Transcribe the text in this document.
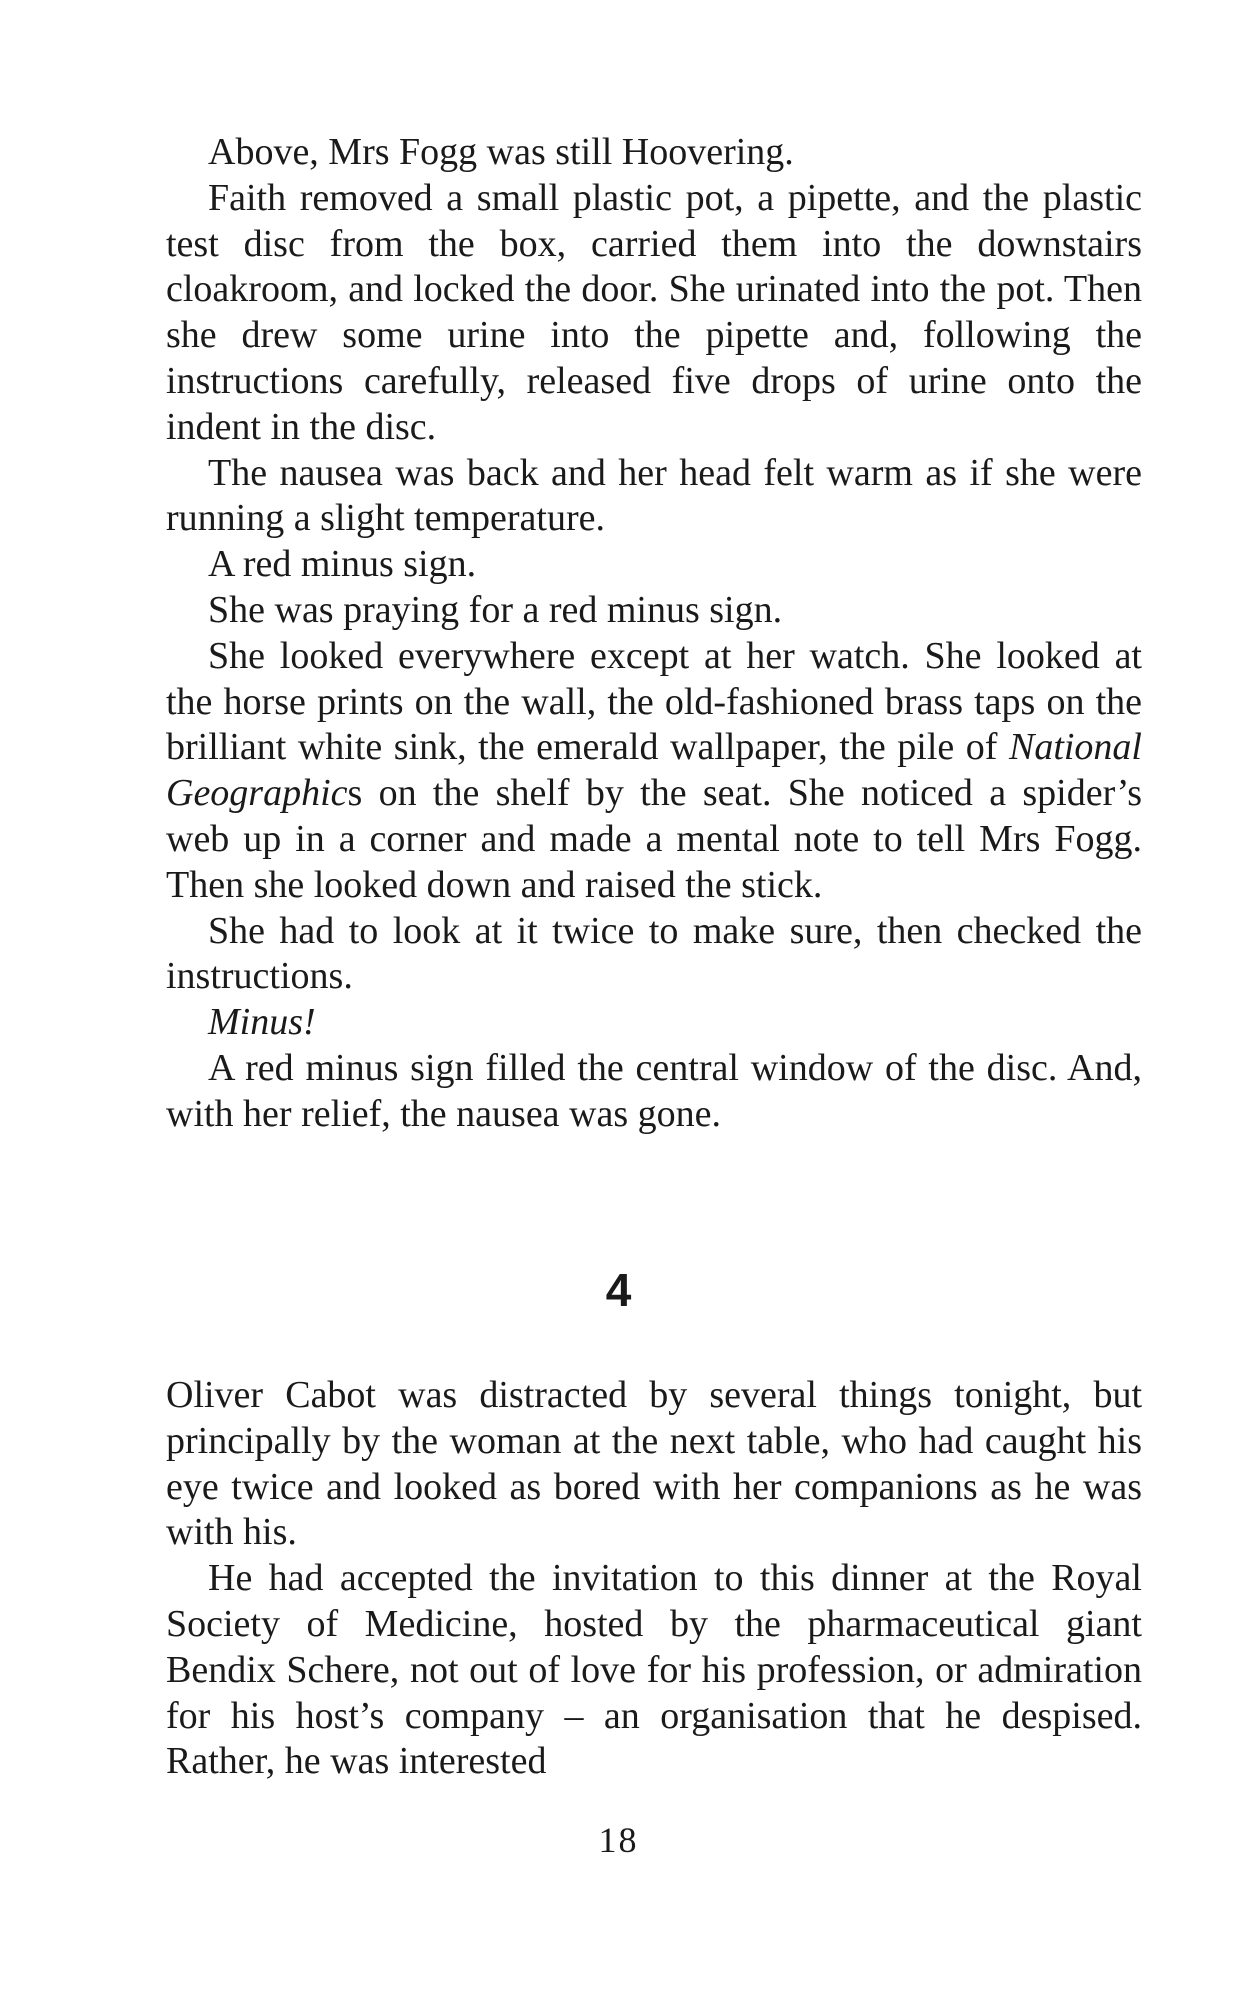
Above, Mrs Fogg was still Hoovering.

Faith removed a small plastic pot, a pipette, and the plastic test disc from the box, carried them into the downstairs cloakroom, and locked the door. She urinated into the pot. Then she drew some urine into the pipette and, following the instructions carefully, released five drops of urine onto the indent in the disc.

The nausea was back and her head felt warm as if she were running a slight temperature.

A red minus sign.

She was praying for a red minus sign.

She looked everywhere except at her watch. She looked at the horse prints on the wall, the old-fashioned brass taps on the brilliant white sink, the emerald wallpaper, the pile of National Geographics on the shelf by the seat. She noticed a spider’s web up in a corner and made a mental note to tell Mrs Fogg. Then she looked down and raised the stick.

She had to look at it twice to make sure, then checked the instructions.

Minus!

A red minus sign filled the central window of the disc. And, with her relief, the nausea was gone.

4

Oliver Cabot was distracted by several things tonight, but principally by the woman at the next table, who had caught his eye twice and looked as bored with her companions as he was with his.

He had accepted the invitation to this dinner at the Royal Society of Medicine, hosted by the pharmaceutical giant Bendix Schere, not out of love for his profession, or admiration for his host’s company – an organisation that he despised. Rather, he was interested

18
